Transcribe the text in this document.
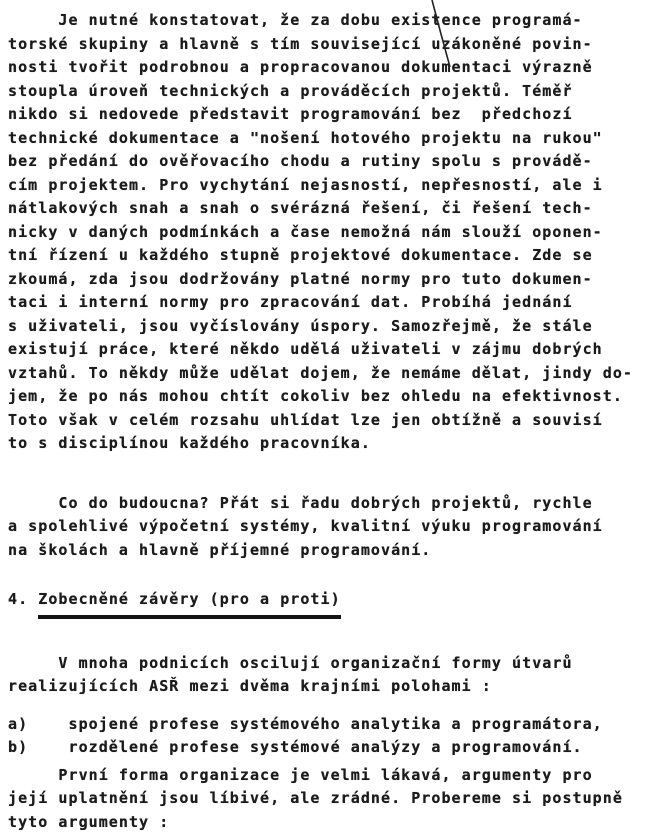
Je nutné konstatovat, že za dobu existence programá-
torské skupiny a hlavně s tím související uzákoněné povin-
nosti tvořit podrobnou a propracovanou dokumentaci výrazně
stoupla úroveň technických a prováděcích projektů. Téměř
nikdo si nedovede představit programování bez  předchozí
technické dokumentace a "nošení hotového projektu na rukou"
bez předání do ověřovacího chodu a rutiny spolu s provádě-
cím projektem. Pro vychytání nejasností, nepřesností, ale i
nátlakových snah a snah o svérázná řešení, či řešení tech-
nicky v daných podmínkách a čase nemožná nám slouží oponen-
tní řízení u každého stupně projektové dokumentace. Zde se
zkoumá, zda jsou dodržovány platné normy pro tuto dokumen-
taci i interní normy pro zpracování dat. Probíhá jednání
s uživateli, jsou vyčíslovány úspory. Samozřejmě, že stále
existují práce, které někdo udělá uživateli v zájmu dobrých
vztahů. To někdy může udělat dojem, že nemáme dělat, jindy do-
jem, že po nás mohou chtít cokoliv bez ohledu na efektivnost.
Toto však v celém rozsahu uhlídat lze jen obtížně a souvisí
to s disciplínou každého pracovníka.
Co do budoucna? Přát si řadu dobrých projektů, rychle
a spolehlivé výpočetní systémy, kvalitní výuku programování
na školách a hlavně příjemné programování.
4. Zobecněné závěry (pro a proti)
V mnoha podnicích oscilují organizační formy útvarů
realizujících ASŘ mezi dvěma krajními polohami :
a)    spojené profese systémového analytika a programátora,
b)    rozdělené profese systémové analýzy a programování.
První forma organizace je velmi lákavá, argumenty pro
její uplatnění jsou líbivé, ale zrádné. Probereme si postupně
tyto argumenty :
